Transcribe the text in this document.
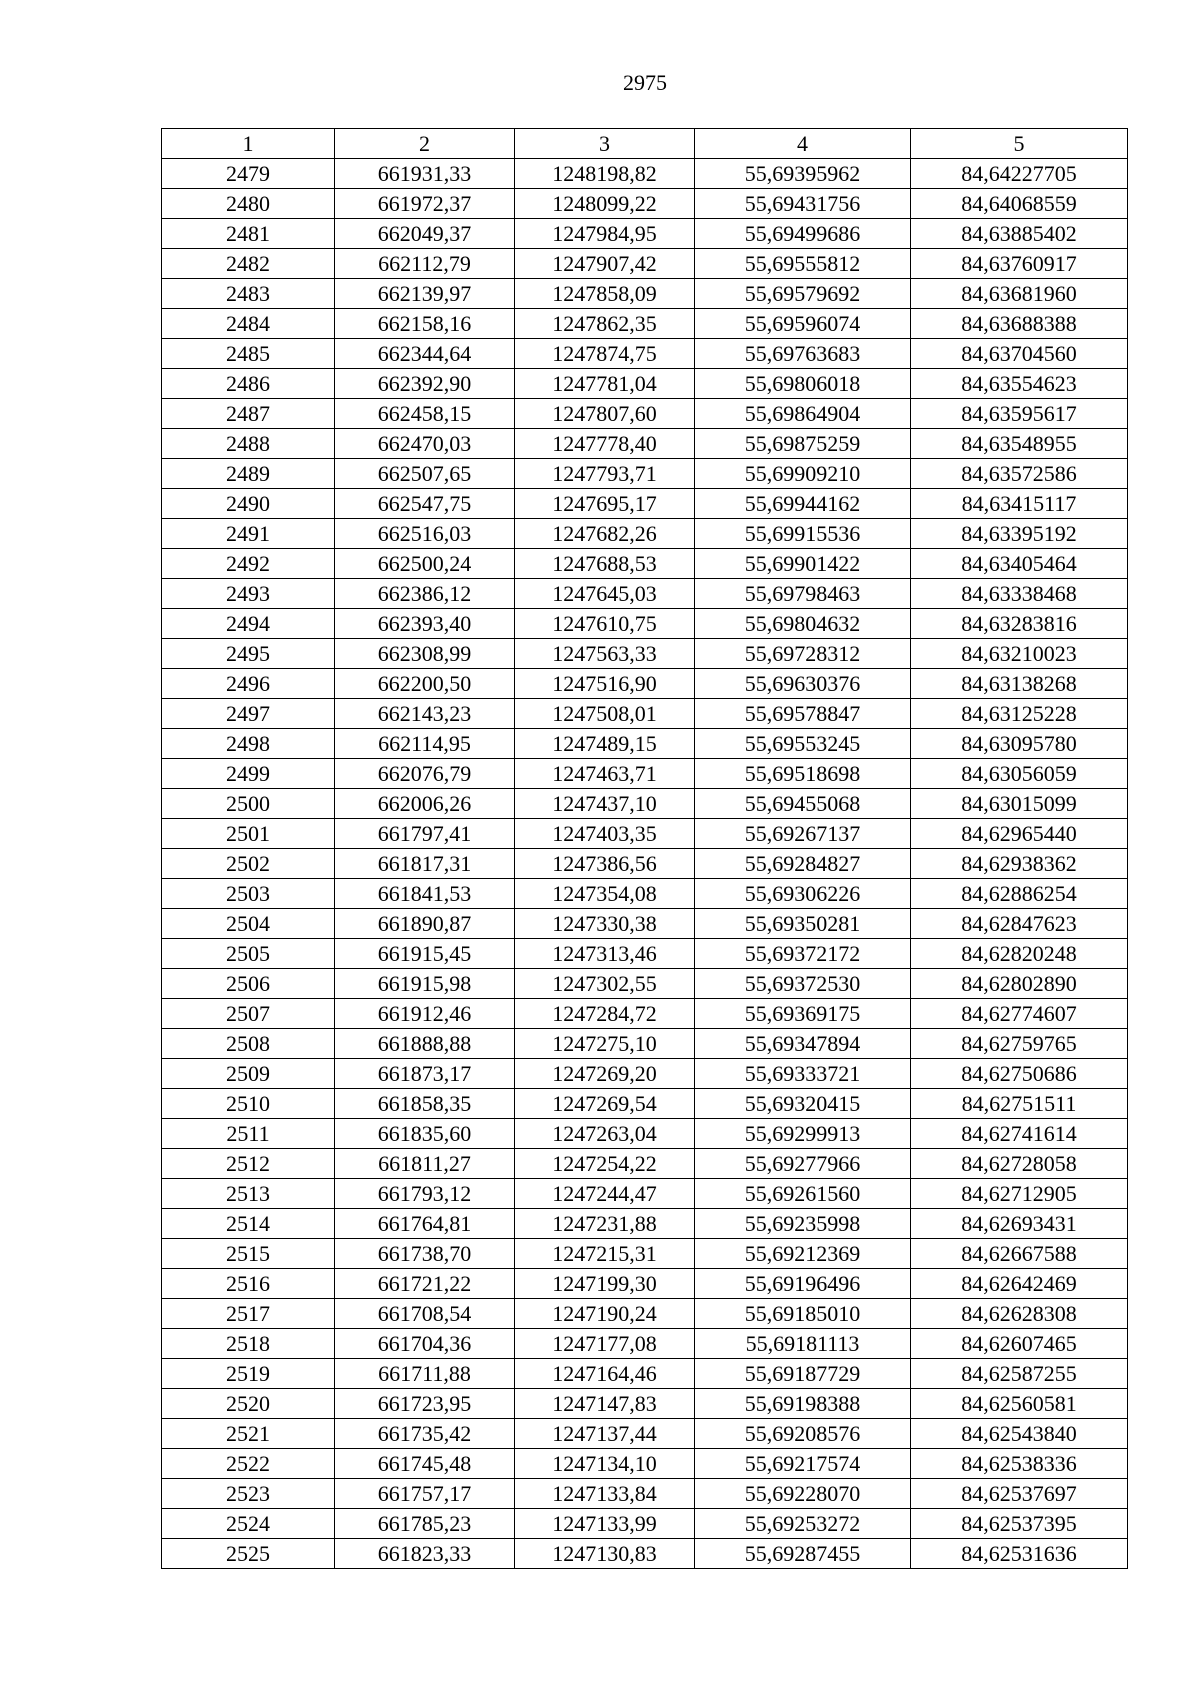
2975
1	2	3	4	5
2479	661931,33	1248198,82	55,69395962	84,64227705
2480	661972,37	1248099,22	55,69431756	84,64068559
2481	662049,37	1247984,95	55,69499686	84,63885402
2482	662112,79	1247907,42	55,69555812	84,63760917
2483	662139,97	1247858,09	55,69579692	84,63681960
2484	662158,16	1247862,35	55,69596074	84,63688388
2485	662344,64	1247874,75	55,69763683	84,63704560
2486	662392,90	1247781,04	55,69806018	84,63554623
2487	662458,15	1247807,60	55,69864904	84,63595617
2488	662470,03	1247778,40	55,69875259	84,63548955
2489	662507,65	1247793,71	55,69909210	84,63572586
2490	662547,75	1247695,17	55,69944162	84,63415117
2491	662516,03	1247682,26	55,69915536	84,63395192
2492	662500,24	1247688,53	55,69901422	84,63405464
2493	662386,12	1247645,03	55,69798463	84,63338468
2494	662393,40	1247610,75	55,69804632	84,63283816
2495	662308,99	1247563,33	55,69728312	84,63210023
2496	662200,50	1247516,90	55,69630376	84,63138268
2497	662143,23	1247508,01	55,69578847	84,63125228
2498	662114,95	1247489,15	55,69553245	84,63095780
2499	662076,79	1247463,71	55,69518698	84,63056059
2500	662006,26	1247437,10	55,69455068	84,63015099
2501	661797,41	1247403,35	55,69267137	84,62965440
2502	661817,31	1247386,56	55,69284827	84,62938362
2503	661841,53	1247354,08	55,69306226	84,62886254
2504	661890,87	1247330,38	55,69350281	84,62847623
2505	661915,45	1247313,46	55,69372172	84,62820248
2506	661915,98	1247302,55	55,69372530	84,62802890
2507	661912,46	1247284,72	55,69369175	84,62774607
2508	661888,88	1247275,10	55,69347894	84,62759765
2509	661873,17	1247269,20	55,69333721	84,62750686
2510	661858,35	1247269,54	55,69320415	84,62751511
2511	661835,60	1247263,04	55,69299913	84,62741614
2512	661811,27	1247254,22	55,69277966	84,62728058
2513	661793,12	1247244,47	55,69261560	84,62712905
2514	661764,81	1247231,88	55,69235998	84,62693431
2515	661738,70	1247215,31	55,69212369	84,62667588
2516	661721,22	1247199,30	55,69196496	84,62642469
2517	661708,54	1247190,24	55,69185010	84,62628308
2518	661704,36	1247177,08	55,69181113	84,62607465
2519	661711,88	1247164,46	55,69187729	84,62587255
2520	661723,95	1247147,83	55,69198388	84,62560581
2521	661735,42	1247137,44	55,69208576	84,62543840
2522	661745,48	1247134,10	55,69217574	84,62538336
2523	661757,17	1247133,84	55,69228070	84,62537697
2524	661785,23	1247133,99	55,69253272	84,62537395
2525	661823,33	1247130,83	55,69287455	84,62531636
